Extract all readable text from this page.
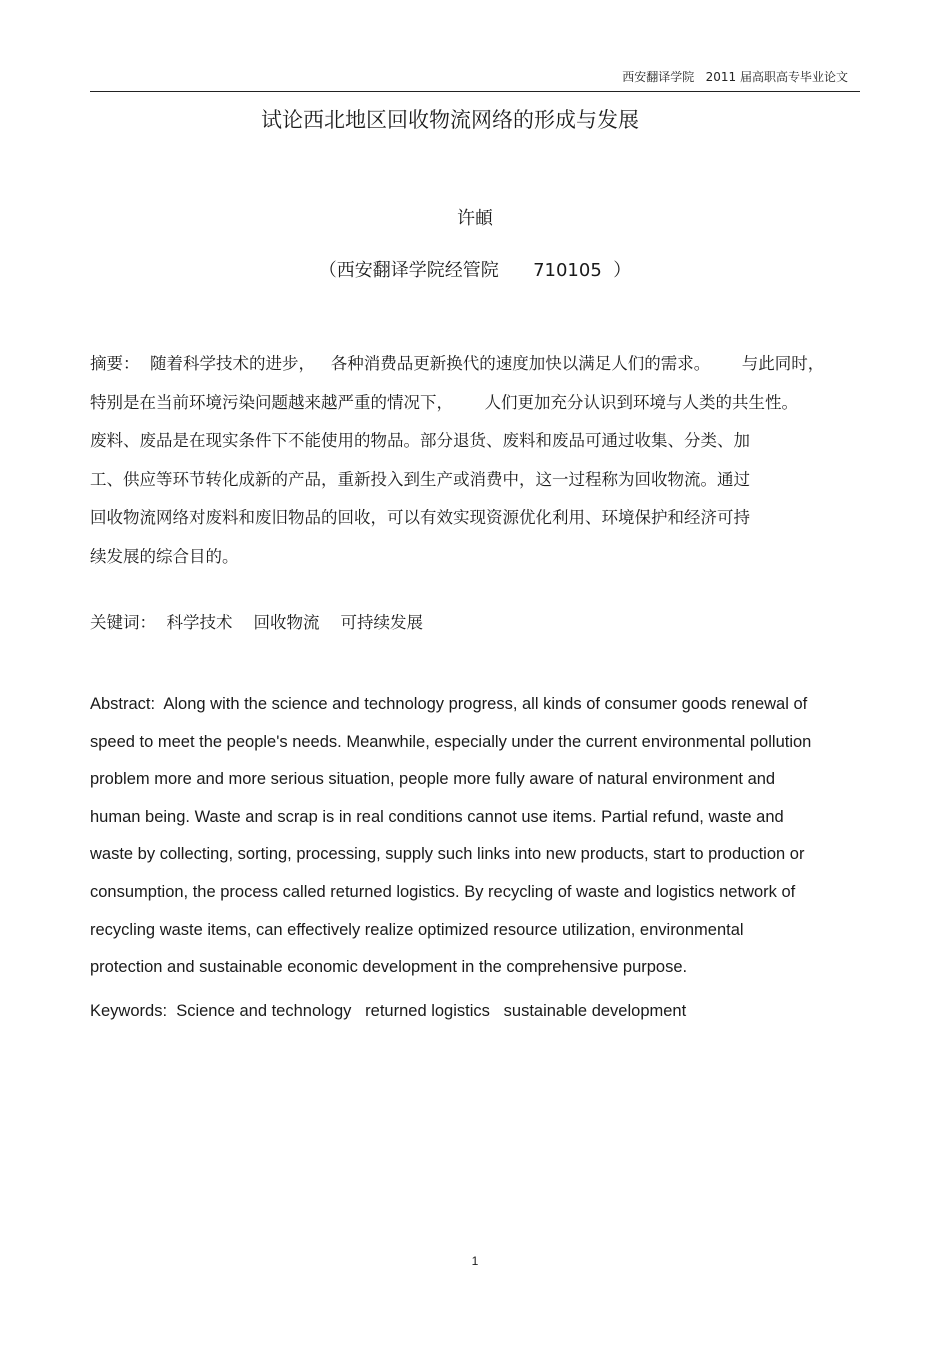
西安翻译学院   2011 届高职高专毕业论文
试论西北地区回收物流网络的形成与发展
许頔
（西安翻译学院经管院      710105  ）
摘要：  随着科学技术的进步，   各种消费品更新换代的速度加快以满足人们的需求。      与此同时，
特别是在当前环境污染问题越来越严重的情况下，      人们更加充分认识到环境与人类的共生性。
废料、废品是在现实条件下不能使用的物品。部分退货、废料和废品可通过收集、分类、加
工、供应等环节转化成新的产品，重新投入到生产或消费中，这一过程称为回收物流。通过
回收物流网络对废料和废旧物品的回收，可以有效实现资源优化利用、环境保护和经济可持
续发展的综合目的。
关键词：  科学技术    回收物流    可持续发展
Abstract:  Along with the science and technology progress, all kinds of consumer goods renewal of
speed to meet the people's needs. Meanwhile, especially under the current environmental pollution
problem more and more serious situation, people more fully aware of natural environment and
human being. Waste and scrap is in real conditions cannot use items. Partial refund, waste and
waste by collecting, sorting, processing, supply such links into new products, start to production or
consumption, the process called returned logistics. By recycling of waste and logistics network of
recycling waste items, can effectively realize optimized resource utilization, environmental
protection and sustainable economic development in the comprehensive purpose.
Keywords:  Science and technology   returned logistics   sustainable development
1
